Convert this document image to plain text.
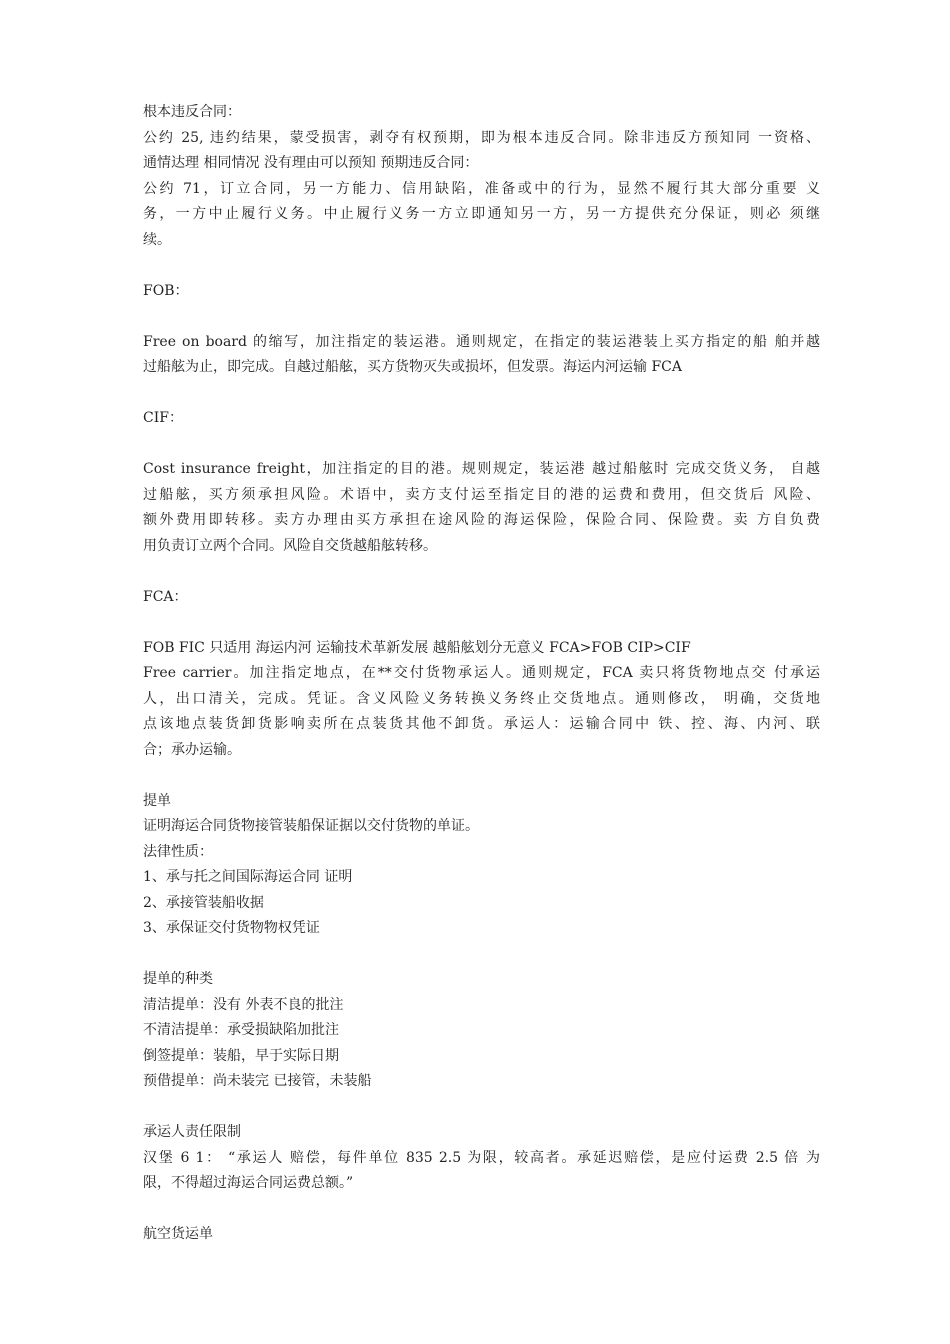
根本违反合同：

公约 25, 违约结果，蒙受损害，剥夺有权预期，即为根本违反合同。除非违反方预知同 一资格、

通情达理 相同情况 没有理由可以预知 预期违反合同：

公约 71，订立合同，另一方能力、信用缺陷，准备或中的行为，显然不履行其大部分重要 义

务，一方中止履行义务。中止履行义务一方立即通知另一方，另一方提供充分保证，则必 须继

续。

FOB：

Free on board 的缩写，加注指定的装运港。通则规定，在指定的装运港装上买方指定的船 舶并越

过船舷为止，即完成。自越过船舷，买方货物灭失或损坏，但发票。海运内河运输 FCA

CIF：

Cost insurance freight，加注指定的目的港。规则规定，装运港 越过船舷时 完成交货义务， 自越

过船舷，买方须承担风险。术语中，卖方支付运至指定目的港的运费和费用，但交货后 风险、

额外费用即转移。卖方办理由买方承担在途风险的海运保险，保险合同、保险费。卖 方自负费

用负责订立两个合同。风险自交货越船舷转移。

FCA：

FOB FIC 只适用 海运内河 运输技术革新发展 越船舷划分无意义 FCA>FOB CIP>CIF

Free carrier。加注指定地点，在**交付货物承运人。通则规定，FCA 卖只将货物地点交 付承运

人，出口清关，完成。凭证。含义风险义务转换义务终止交货地点。通则修改， 明确，交货地

点该地点装货卸货影响卖所在点装货其他不卸货。承运人：运输合同中 铁、控、海、内河、联

合；承办运输。

提单

证明海运合同货物接管装船保证据以交付货物的单证。

法律性质：

1、承与托之间国际海运合同 证明

2、承接管装船收据

3、承保证交付货物物权凭证

提单的种类

清洁提单：没有 外表不良的批注

不清洁提单：承受损缺陷加批注

倒签提单：装船，早于实际日期

预借提单：尚未装完 已接管，未装船

承运人责任限制

汉堡 6 1： “承运人 赔偿，每件单位 835 2.5 为限，较高者。承延迟赔偿，是应付运费 2.5 倍 为

限，不得超过海运合同运费总额。”

航空货运单
